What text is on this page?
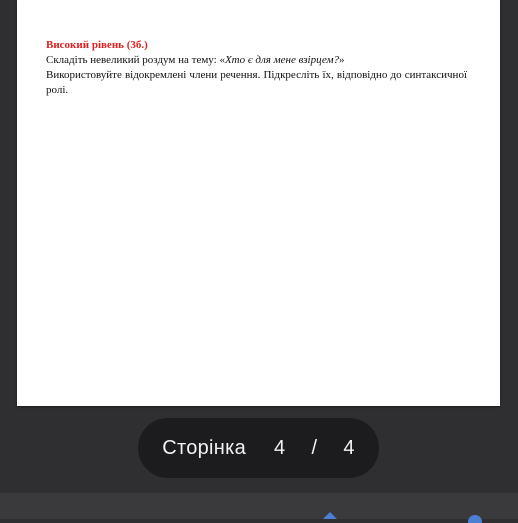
Високий рівень (3б.)
Складіть невеликий роздум на тему: «Хто є для мене взірцем?»
Використовуйте відокремлені члени речення. Підкресліть їх, відповідно до синтаксичної ролі.
Сторінка 4 / 4
